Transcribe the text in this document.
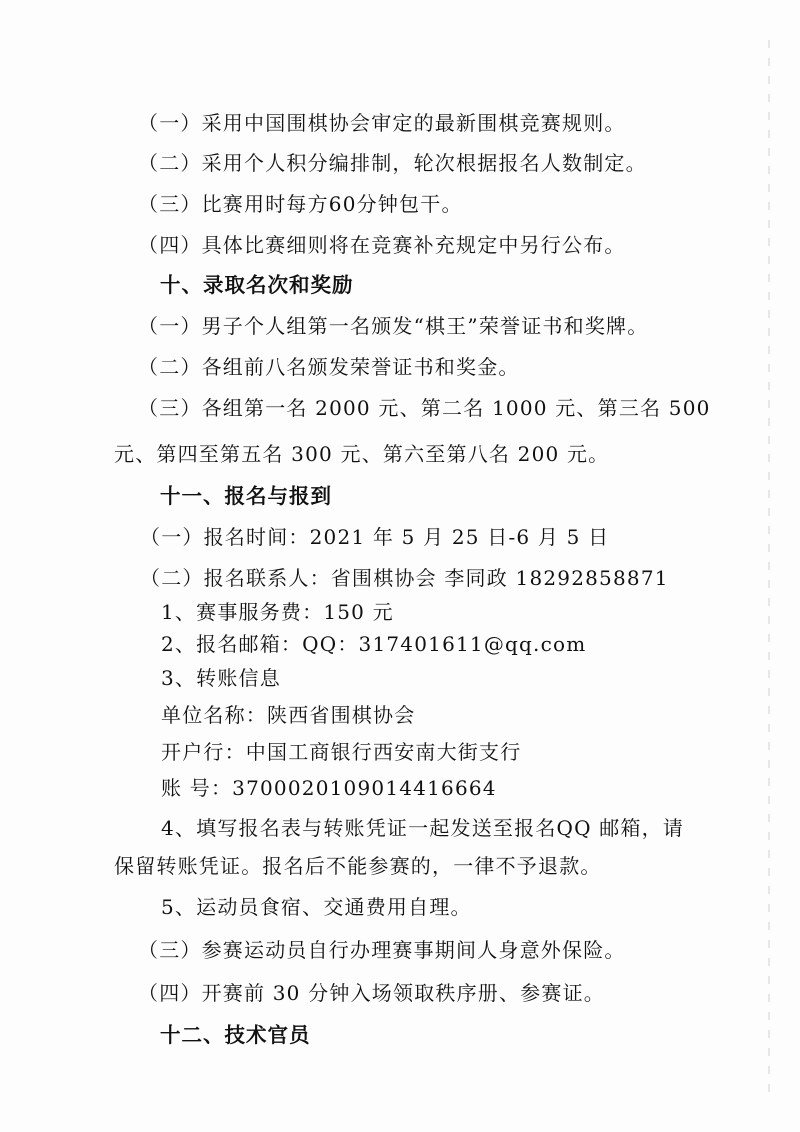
（一）采用中国围棋协会审定的最新围棋竞赛规则。
（二）采用个人积分编排制，轮次根据报名人数制定。
（三）比赛用时每方60分钟包干。
（四）具体比赛细则将在竞赛补充规定中另行公布。
十、录取名次和奖励
（一）男子个人组第一名颁发“棋王”荣誉证书和奖牌。
（二）各组前八名颁发荣誉证书和奖金。
（三）各组第一名 2000 元、第二名 1000 元、第三名 500
元、第四至第五名 300 元、第六至第八名 200 元。
十一、报名与报到
（一）报名时间：2021 年 5 月 25 日-6 月 5 日
（二）报名联系人：省围棋协会 李同政 18292858871
1、赛事服务费：150 元
2、报名邮箱：QQ：317401611@qq.com
3、转账信息
单位名称：陕西省围棋协会
开户行：中国工商银行西安南大街支行
账 号：3700020109014416664
4、填写报名表与转账凭证一起发送至报名QQ 邮箱，请
保留转账凭证。报名后不能参赛的，一律不予退款。
5、运动员食宿、交通费用自理。
（三）参赛运动员自行办理赛事期间人身意外保险。
（四）开赛前 30 分钟入场领取秩序册、参赛证。
十二、技术官员
